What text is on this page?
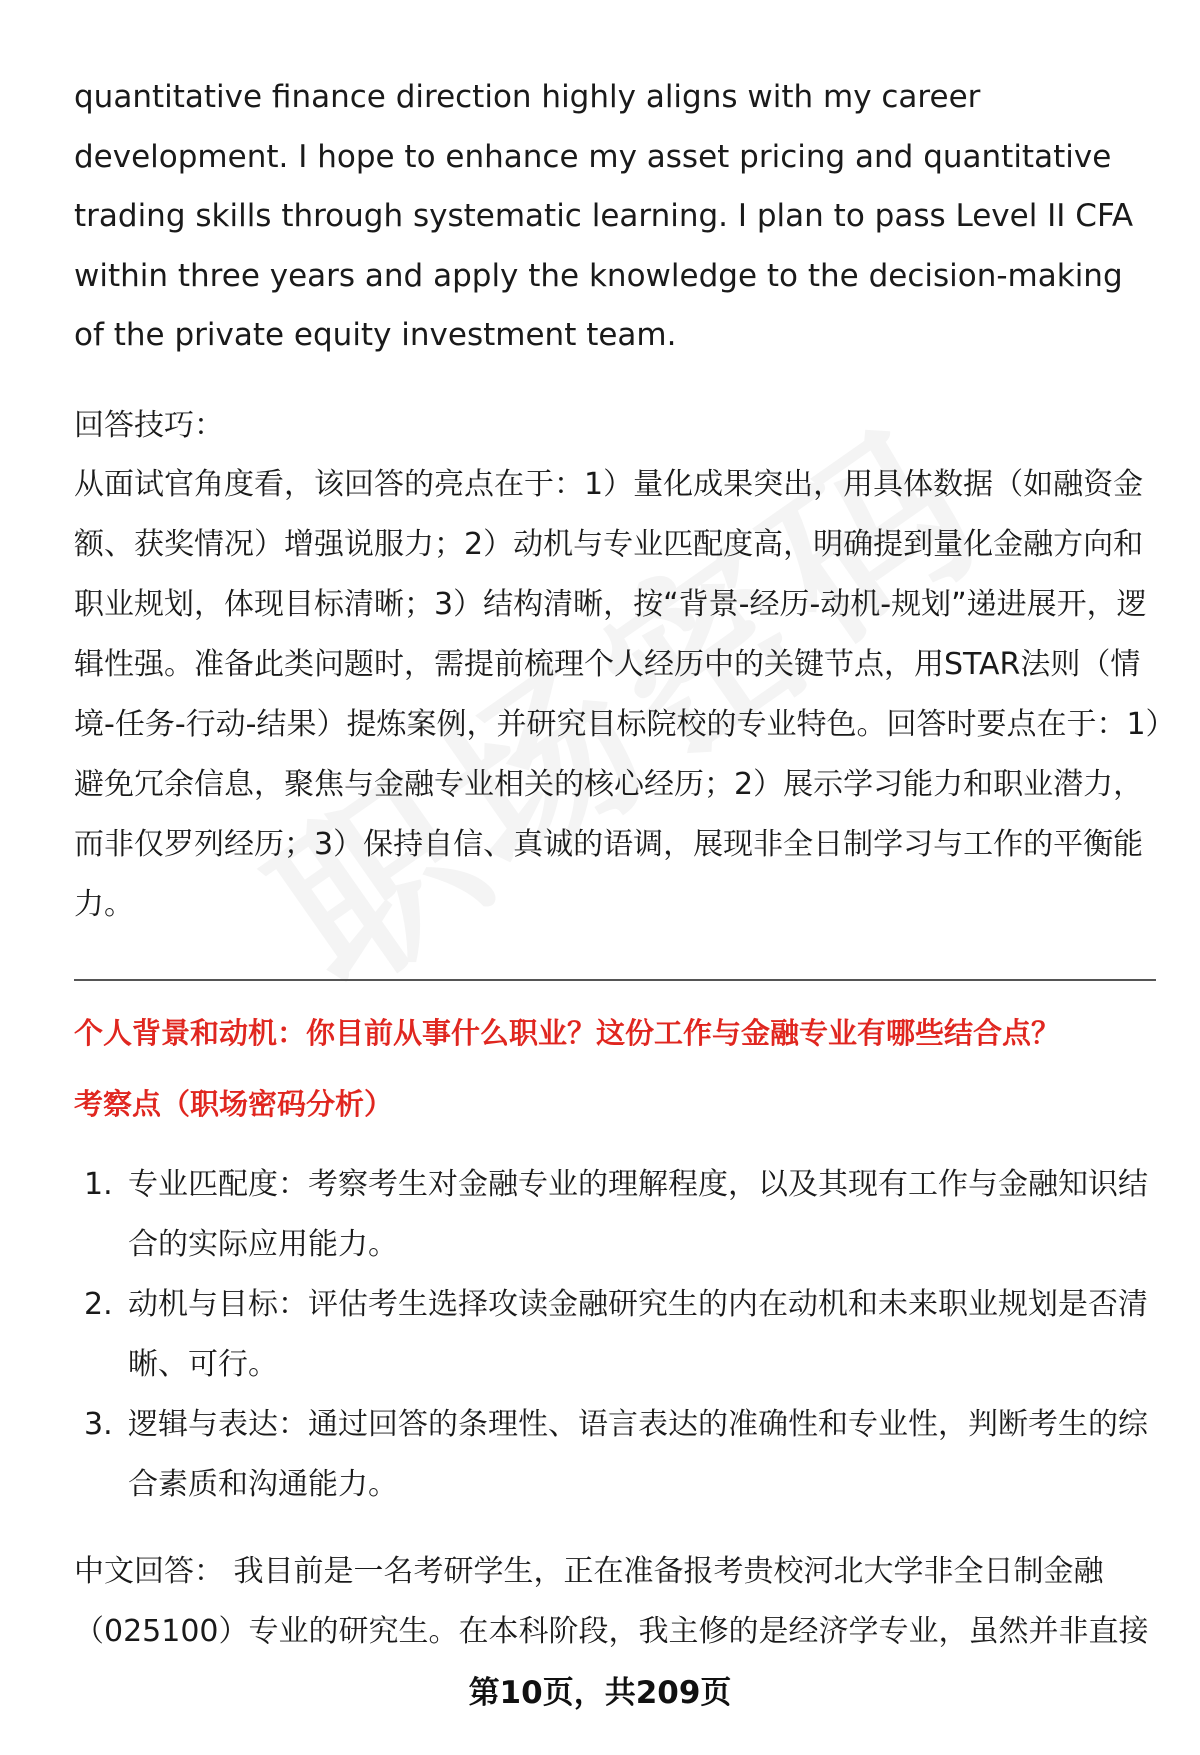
quantitative finance direction highly aligns with my career development. I hope to enhance my asset pricing and quantitative trading skills through systematic learning. I plan to pass Level II CFA within three years and apply the knowledge to the decision-making of the private equity investment team.

回答技巧：

从面试官角度看，该回答的亮点在于：1）量化成果突出，用具体数据（如融资金额、获奖情况）增强说服力；2）动机与专业匹配度高，明确提到量化金融方向和职业规划，体现目标清晰；3）结构清晰，按“背景-经历-动机-规划”递进展开，逻辑性强。准备此类问题时，需提前梳理个人经历中的关键节点，用STAR法则（情境-任务-行动-结果）提炼案例，并研究目标院校的专业特色。回答时要点在于：1）避免冗余信息，聚焦与金融专业相关的核心经历；2）展示学习能力和职业潜力，而非仅罗列经历；3）保持自信、真诚的语调，展现非全日制学习与工作的平衡能力。

个人背景和动机：你目前从事什么职业？这份工作与金融专业有哪些结合点？

考察点（职场密码分析）

1. 专业匹配度：考察考生对金融专业的理解程度，以及其现有工作与金融知识结合的实际应用能力。
2. 动机与目标：评估考生选择攻读金融研究生的内在动机和未来职业规划是否清晰、可行。
3. 逻辑与表达：通过回答的条理性、语言表达的准确性和专业性，判断考生的综合素质和沟通能力。

中文回答： 我目前是一名考研学生，正在准备报考贵校河北大学非全日制金融（025100）专业的研究生。在本科阶段，我主修的是经济学专业，虽然并非直接

第10页，共209页
